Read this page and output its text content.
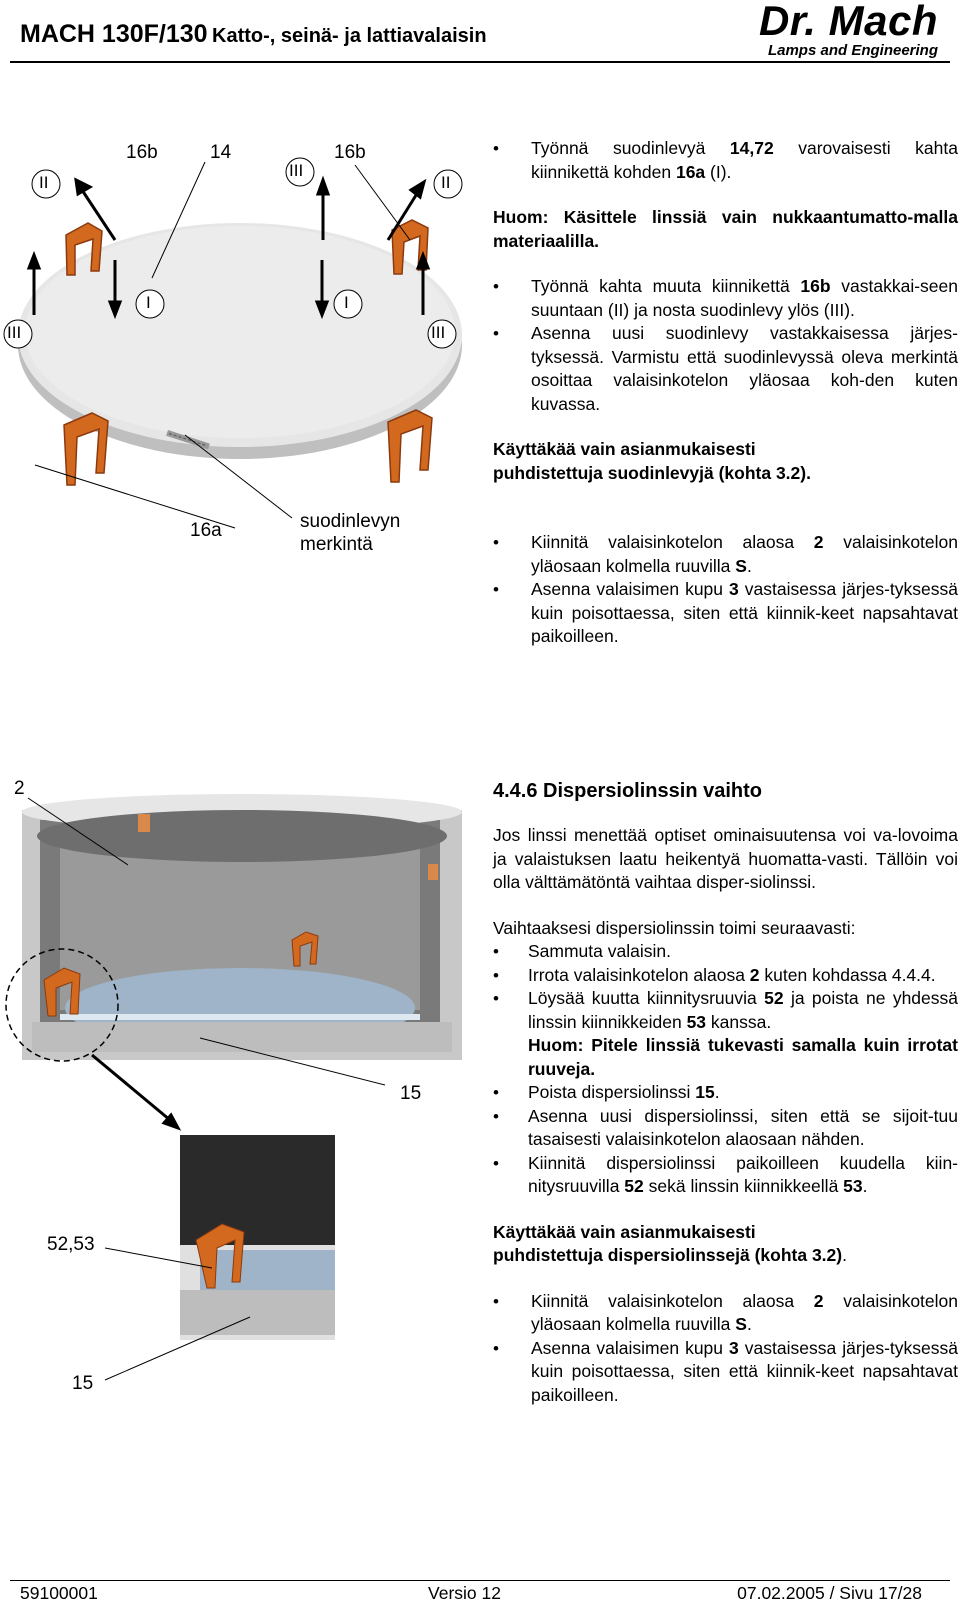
MACH 130F/130 Katto-, seinä- ja lattiavalaisin	Dr. Mach
Lamps and Engineering
16b	14	16b
II
III
II
III
I	I
III
16a	suodinlevyn
merkintä
• Työnnä suodinlevyä 14,72 varovaisesti kahta kiinnikettä kohden 16a (I).
Huom: Käsittele linssiä vain nukkaantumatto-malla materiaalilla.
• Työnnä kahta muuta kiinnikettä 16b vastakkai-seen suuntaan (II) ja nosta suodinlevy ylös (III).
• Asenna uusi suodinlevy vastakkaisessa järjes-tyksessä. Varmistu että suodinlevyssä oleva merkintä osoittaa valaisinkotelon yläosaa koh-den kuten kuvassa.
Käyttäkää vain asianmukaisesti
puhdistettuja suodinlevyjä (kohta 3.2).
• Kiinnitä valaisinkotelon alaosa 2 valaisinkotelon yläosaan kolmella ruuvilla S.
• Asenna valaisimen kupu 3 vastaisessa järjes-tyksessä kuin poisottaessa, siten että kiinnik-keet napsahtavat paikoilleen.
2
15
52,53
15
4.4.6 Dispersiolinssin vaihto
Jos linssi menettää optiset ominaisuutensa voi va-lovoima ja valaistuksen laatu heikentyä huomatta-vasti. Tällöin voi olla välttämätöntä vaihtaa disper-siolinssi.
Vaihtaaksesi dispersiolinssin toimi seuraavasti:
• Sammuta valaisin.
• Irrota valaisinkotelon alaosa 2 kuten kohdassa 4.4.4.
• Löysää kuutta kiinnitysruuvia 52 ja poista ne yhdessä linssin kiinnikkeiden 53 kanssa.
Huom: Pitele linssiä tukevasti samalla kuin irrotat ruuveja.
• Poista dispersiolinssi 15.
• Asenna uusi dispersiolinssi, siten että se sijoit-tuu tasaisesti valaisinkotelon alaosaan nähden.
• Kiinnitä dispersiolinssi paikoilleen kuudella kiin-nitysruuvilla 52 sekä linssin kiinnikkeellä 53.
Käyttäkää vain asianmukaisesti
puhdistettuja dispersiolinssejä (kohta 3.2).
• Kiinnitä valaisinkotelon alaosa 2 valaisinkotelon yläosaan kolmella ruuvilla S.
• Asenna valaisimen kupu 3 vastaisessa järjes-tyksessä kuin poisottaessa, siten että kiinnik-keet napsahtavat paikoilleen.
59100001	Versio 12	07.02.2005 / Sivu 17/28
